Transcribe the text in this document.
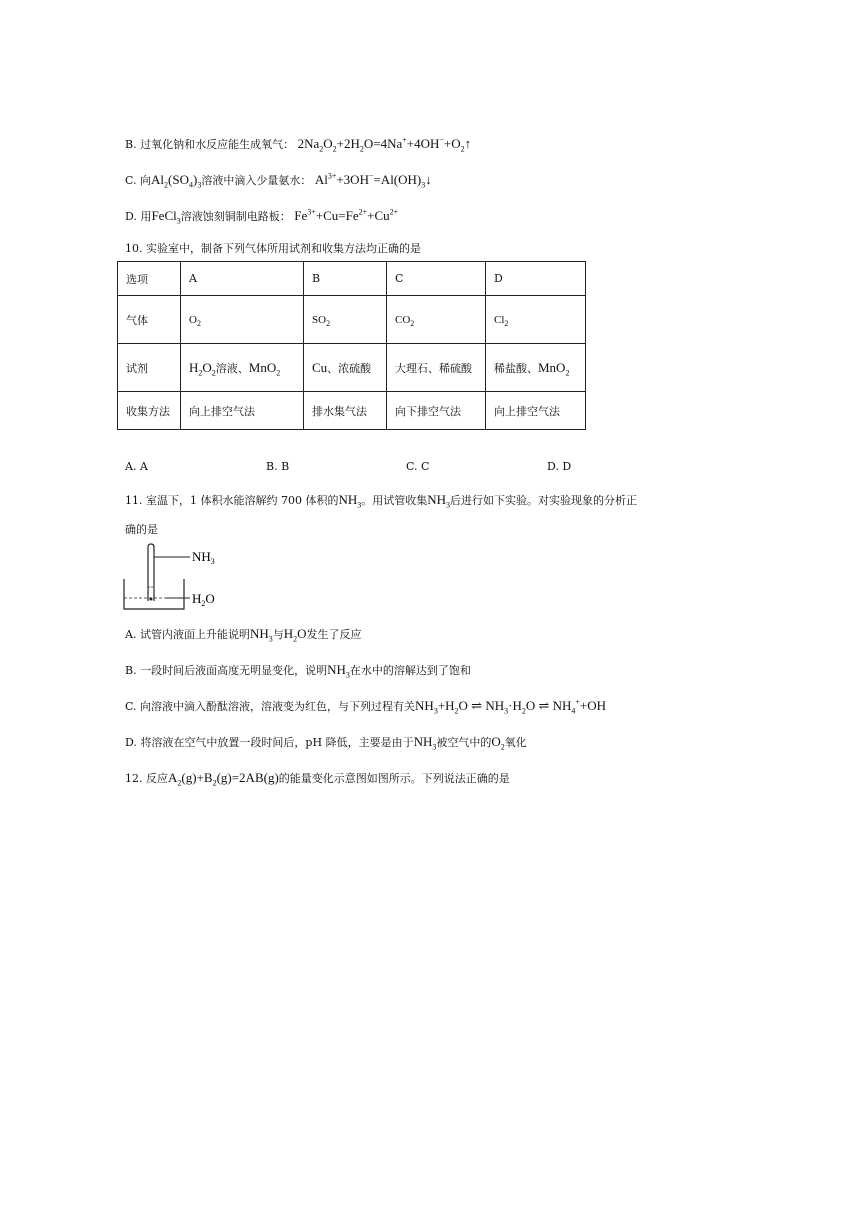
B. 过氧化钠和水反应能生成氧气： $2Na_2O_2+2H_2O=4Na^++4OH^-+O_2↑$
C. 向$Al_2(SO_4)_3$溶液中滴入少量氨水： $Al^{3+}+3OH^-=Al(OH)_3↓$
D. 用FeCl$_3$溶液蚀刻铜制电路板： $Fe^{3+}+Cu=Fe^{2+}+Cu^{2+}$
10. 实验室中，制备下列气体所用试剂和收集方法均正确的是
选项	A	B	C	D
气体	$O_2$	$SO_2$	$CO_2$	$Cl_2$
试剂	$H_2O_2$溶液、MnO$_2$	Cu、浓硫酸	大理石、稀硫酸	稀盐酸、MnO$_2$
收集方法	向上排空气法	排水集气法	向下排空气法	向上排空气法
A. A	B. B	C. C	D. D
11. 室温下，1 体积水能溶解约 700 体积的$NH_3$。用试管收集$NH_3$后进行如下实验。对实验现象的分析正
确的是
$NH_3$
$H_2O$
A. 试管内液面上升能说明$NH_3$与$H_2O$发生了反应
B. 一段时间后液面高度无明显变化，说明$NH_3$在水中的溶解达到了饱和
C. 向溶液中滴入酚酞溶液，溶液变为红色，与下列过程有关$NH_3+H_2O$ ⇌ $NH_3\cdot H_2O$ ⇌ $NH_4^++OH$
D. 将溶液在空气中放置一段时间后，pH 降低，主要是由于$NH_3$被空气中的$O_2$氧化
12. 反应$A_2(g)+B_2(g)=2AB(g)$的能量变化示意图如图所示。下列说法正确的是
